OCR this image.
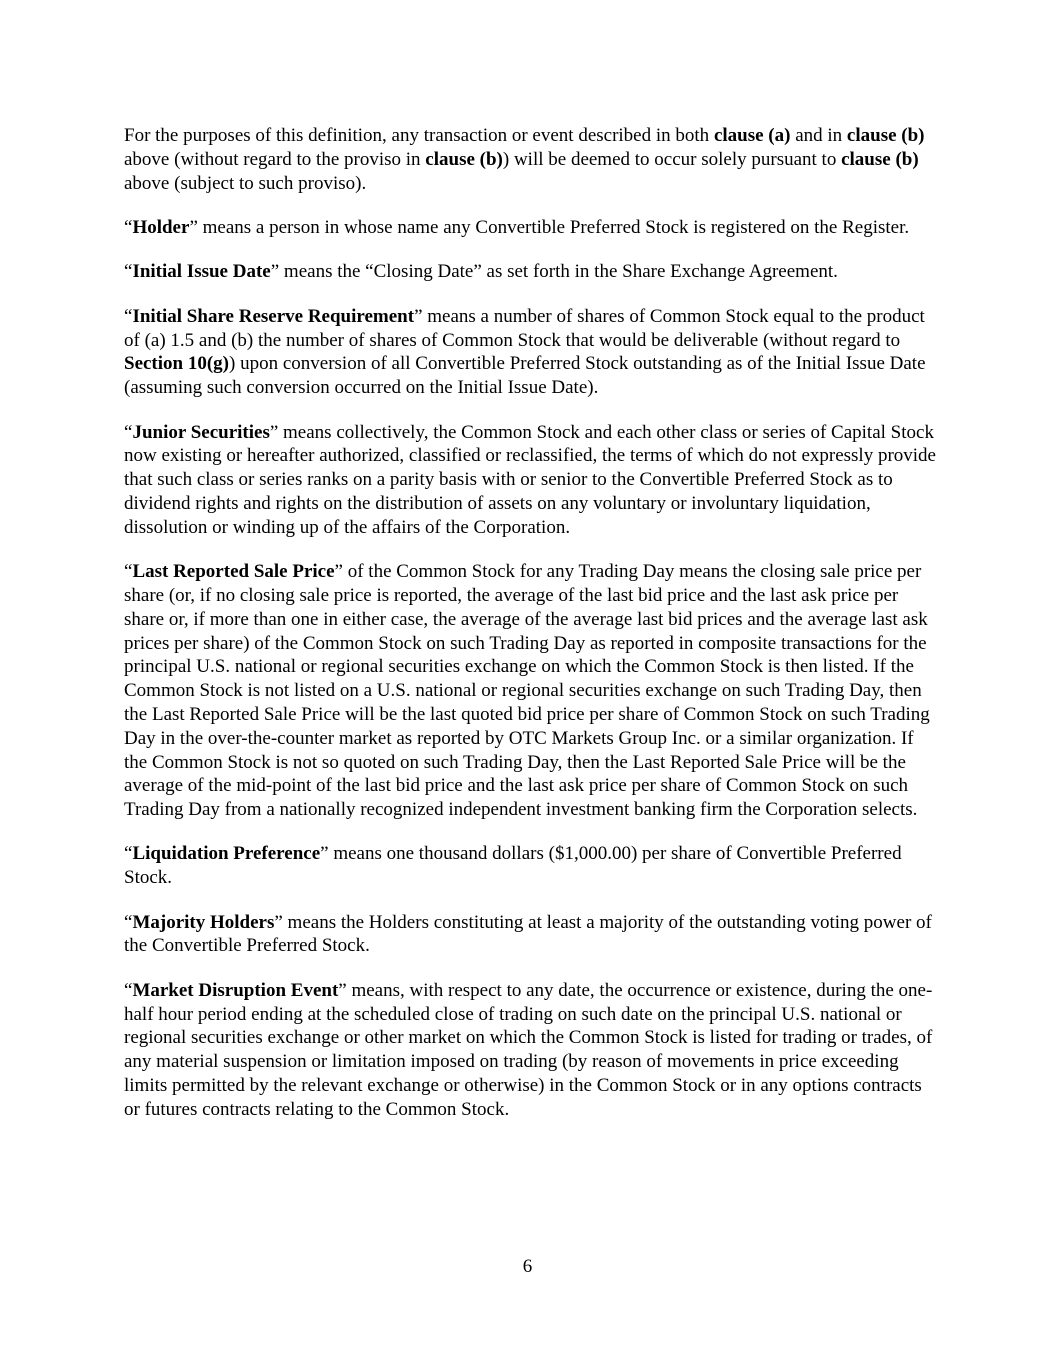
For the purposes of this definition, any transaction or event described in both clause (a) and in clause (b) above (without regard to the proviso in clause (b)) will be deemed to occur solely pursuant to clause (b) above (subject to such proviso).

“Holder” means a person in whose name any Convertible Preferred Stock is registered on the Register.

“Initial Issue Date” means the “Closing Date” as set forth in the Share Exchange Agreement.

“Initial Share Reserve Requirement” means a number of shares of Common Stock equal to the product of (a) 1.5 and (b) the number of shares of Common Stock that would be deliverable (without regard to Section 10(g)) upon conversion of all Convertible Preferred Stock outstanding as of the Initial Issue Date (assuming such conversion occurred on the Initial Issue Date).

“Junior Securities” means collectively, the Common Stock and each other class or series of Capital Stock now existing or hereafter authorized, classified or reclassified, the terms of which do not expressly provide that such class or series ranks on a parity basis with or senior to the Convertible Preferred Stock as to dividend rights and rights on the distribution of assets on any voluntary or involuntary liquidation, dissolution or winding up of the affairs of the Corporation.

“Last Reported Sale Price” of the Common Stock for any Trading Day means the closing sale price per share (or, if no closing sale price is reported, the average of the last bid price and the last ask price per share or, if more than one in either case, the average of the average last bid prices and the average last ask prices per share) of the Common Stock on such Trading Day as reported in composite transactions for the principal U.S. national or regional securities exchange on which the Common Stock is then listed. If the Common Stock is not listed on a U.S. national or regional securities exchange on such Trading Day, then the Last Reported Sale Price will be the last quoted bid price per share of Common Stock on such Trading Day in the over-the-counter market as reported by OTC Markets Group Inc. or a similar organization. If the Common Stock is not so quoted on such Trading Day, then the Last Reported Sale Price will be the average of the mid-point of the last bid price and the last ask price per share of Common Stock on such Trading Day from a nationally recognized independent investment banking firm the Corporation selects.

“Liquidation Preference” means one thousand dollars ($1,000.00) per share of Convertible Preferred Stock.

“Majority Holders” means the Holders constituting at least a majority of the outstanding voting power of the Convertible Preferred Stock.

“Market Disruption Event” means, with respect to any date, the occurrence or existence, during the one-half hour period ending at the scheduled close of trading on such date on the principal U.S. national or regional securities exchange or other market on which the Common Stock is listed for trading or trades, of any material suspension or limitation imposed on trading (by reason of movements in price exceeding limits permitted by the relevant exchange or otherwise) in the Common Stock or in any options contracts or futures contracts relating to the Common Stock.

6
